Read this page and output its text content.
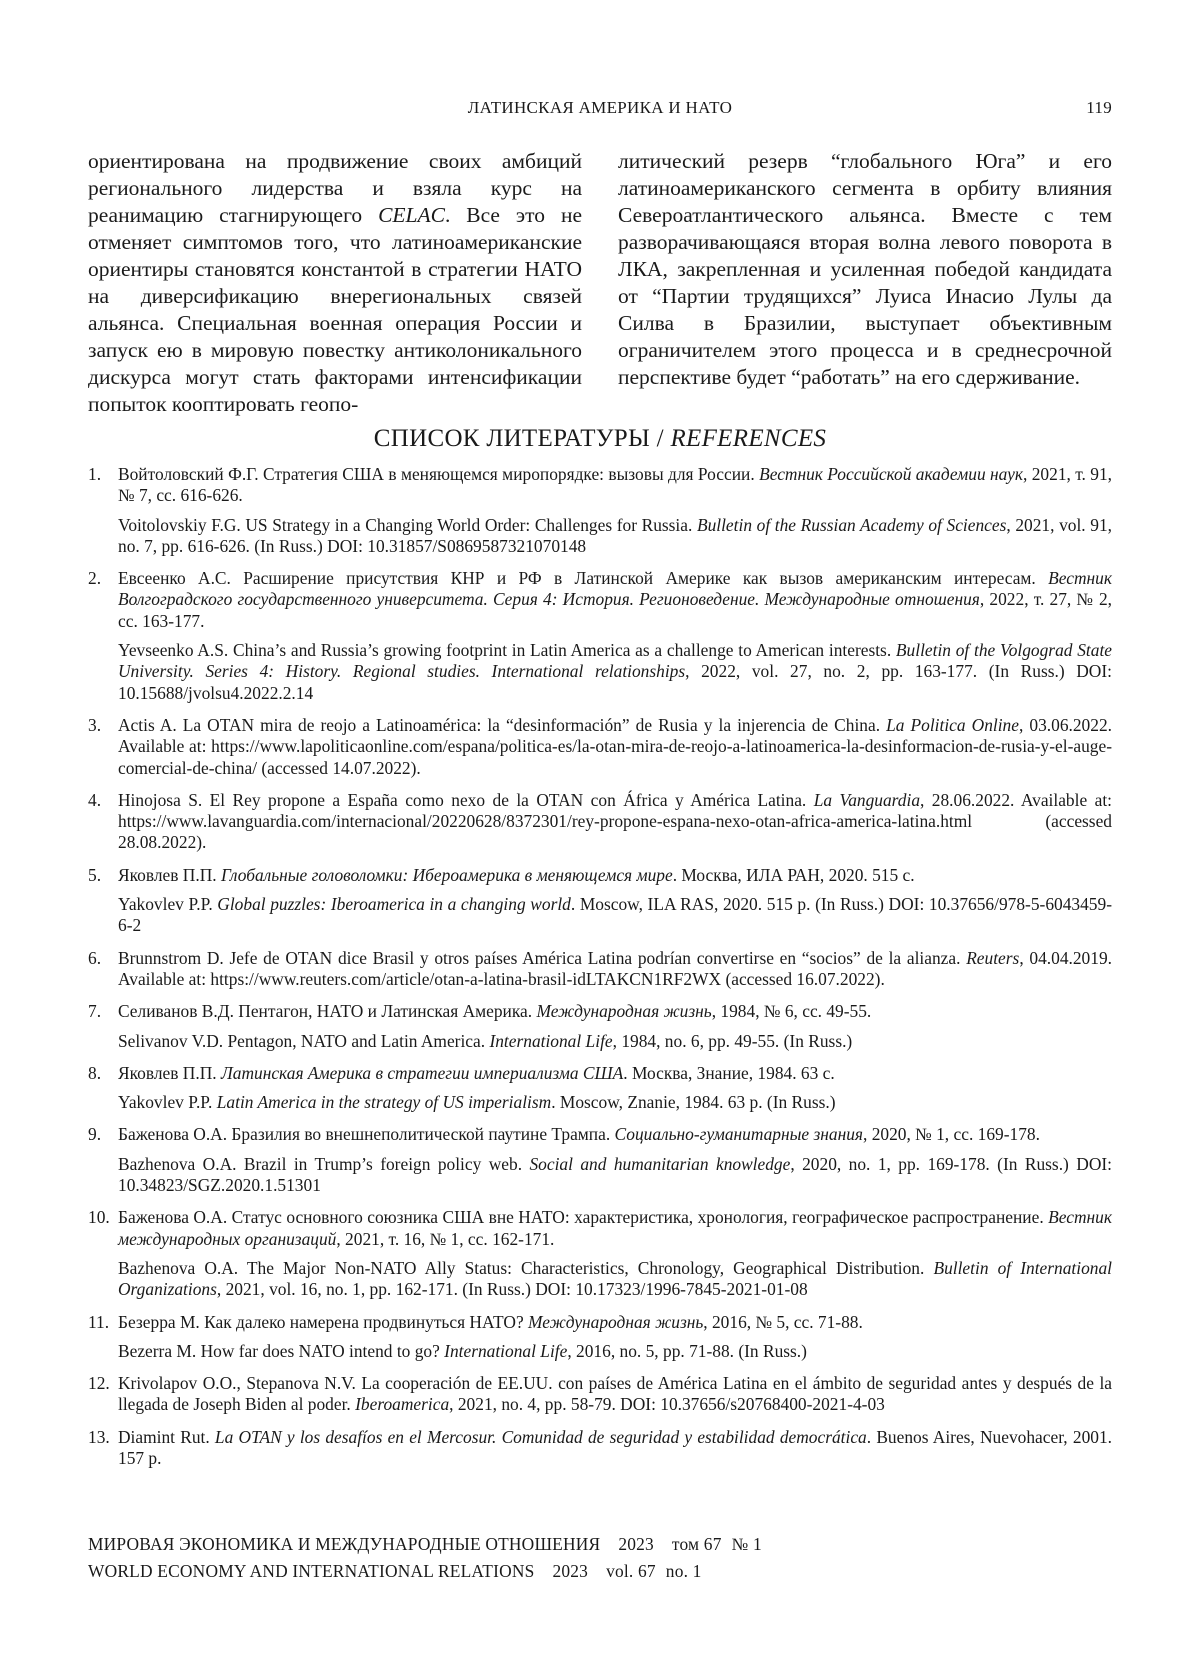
ЛАТИНСКАЯ АМЕРИКА И НАТО	119
ориентирована на продвижение своих амбиций регионального лидерства и взяла курс на реанимацию стагнирующего CELAC. Все это не отменяет симптомов того, что латиноамериканские ориентиры становятся константой в стратегии НАТО на диверсификацию внерегиональных связей альянса. Специальная военная операция России и запуск ею в мировую повестку антиколоникального дискурса могут стать факторами интенсификации попыток кооптировать геопо-
литический резерв “глобального Юга” и его латиноамериканского сегмента в орбиту влияния Североатлантического альянса. Вместе с тем разворачивающаяся вторая волна левого поворота в ЛКА, закрепленная и усиленная победой кандидата от “Партии трудящихся” Луиса Инасио Лулы да Силва в Бразилии, выступает объективным ограничителем этого процесса и в среднесрочной перспективе будет “работать” на его сдерживание.
СПИСОК ЛИТЕРАТУРЫ / REFERENCES
1. Войтоловский Ф.Г. Стратегия США в меняющемся миропорядке: вызовы для России. Вестник Российской академии наук, 2021, т. 91, № 7, сс. 616-626.

Voitolovskiy F.G. US Strategy in a Changing World Order: Challenges for Russia. Bulletin of the Russian Academy of Sciences, 2021, vol. 91, no. 7, pp. 616-626. (In Russ.) DOI: 10.31857/S0869587321070148

2. Евсеенко А.С. Расширение присутствия КНР и РФ в Латинской Америке как вызов американским интересам. Вестник Волгоградского государственного университета. Серия 4: История. Регионоведение. Международные отношения, 2022, т. 27, № 2, сс. 163-177.

Yevseenko A.S. China’s and Russia’s growing footprint in Latin America as a challenge to American interests. Bulletin of the Volgograd State University. Series 4: History. Regional studies. International relationships, 2022, vol. 27, no. 2, pp. 163-177. (In Russ.) DOI: 10.15688/jvolsu4.2022.2.14

3. Actis A. La OTAN mira de reojo a Latinoamérica: la “desinformación” de Rusia y la injerencia de China. La Politica Online, 03.06.2022. Available at: https://www.lapoliticaonline.com/espana/politica-es/la-otan-mira-de-reojo-a-latinoamerica-la-desinformacion-de-rusia-y-el-auge-comercial-de-china/ (accessed 14.07.2022).

4. Hinojosa S. El Rey propone a España como nexo de la OTAN con África y América Latina. La Vanguardia, 28.06.2022. Available at: https://www.lavanguardia.com/internacional/20220628/8372301/rey-propone-espana-nexo-otan-africa-america-latina.html (accessed 28.08.2022).

5. Яковлев П.П. Глобальные головоломки: Ибероамерика в меняющемся мире. Москва, ИЛА РАН, 2020. 515 с.

Yakovlev P.P. Global puzzles: Iberoamerica in a changing world. Moscow, ILA RAS, 2020. 515 p. (In Russ.) DOI: 10.37656/978-5-6043459-6-2

6. Brunnstrom D. Jefe de OTAN dice Brasil y otros países América Latina podrían convertirse en “socios” de la alianza. Reuters, 04.04.2019. Available at: https://www.reuters.com/article/otan-a-latina-brasil-idLTAKCN1RF2WX (accessed 16.07.2022).

7. Селиванов В.Д. Пентагон, НАТО и Латинская Америка. Международная жизнь, 1984, № 6, сс. 49-55.

Selivanov V.D. Pentagon, NATO and Latin America. International Life, 1984, no. 6, pp. 49-55. (In Russ.)

8. Яковлев П.П. Латинская Америка в стратегии империализма США. Москва, Знание, 1984. 63 с.

Yakovlev P.P. Latin America in the strategy of US imperialism. Moscow, Znanie, 1984. 63 p. (In Russ.)

9. Баженова О.А. Бразилия во внешнеполитической паутине Трампа. Социально-гуманитарные знания, 2020, № 1, сс. 169-178.

Bazhenova O.A. Brazil in Trump’s foreign policy web. Social and humanitarian knowledge, 2020, no. 1, pp. 169-178. (In Russ.) DOI: 10.34823/SGZ.2020.1.51301

10. Баженова О.А. Статус основного союзника США вне НАТО: характеристика, хронология, географическое распространение. Вестник международных организаций, 2021, т. 16, № 1, сс. 162-171.

Bazhenova O.A. The Major Non-NATO Ally Status: Characteristics, Chronology, Geographical Distribution. Bulletin of International Organizations, 2021, vol. 16, no. 1, pp. 162-171. (In Russ.) DOI: 10.17323/1996-7845-2021-01-08

11. Безерра М. Как далеко намерена продвинуться НАТО? Международная жизнь, 2016, № 5, сс. 71-88.

Bezerra M. How far does NATO intend to go? International Life, 2016, no. 5, pp. 71-88. (In Russ.)

12. Krivolapov O.O., Stepanova N.V. La cooperación de EE.UU. con países de América Latina en el ámbito de seguridad antes y después de la llegada de Joseph Biden al poder. Iberoamerica, 2021, no. 4, pp. 58-79. DOI: 10.37656/s20768400-2021-4-03

13. Diamint Rut. La OTAN y los desafíos en el Mercosur. Comunidad de seguridad y estabilidad democrática. Buenos Aires, Nuevohacer, 2001. 157 p.

МИРОВАЯ ЭКОНОМИКА И МЕЖДУНАРОДНЫЕ ОТНОШЕНИЯ 2023 том 67 № 1
WORLD ECONOMY AND INTERNATIONAL RELATIONS 2023 vol. 67 no. 1
